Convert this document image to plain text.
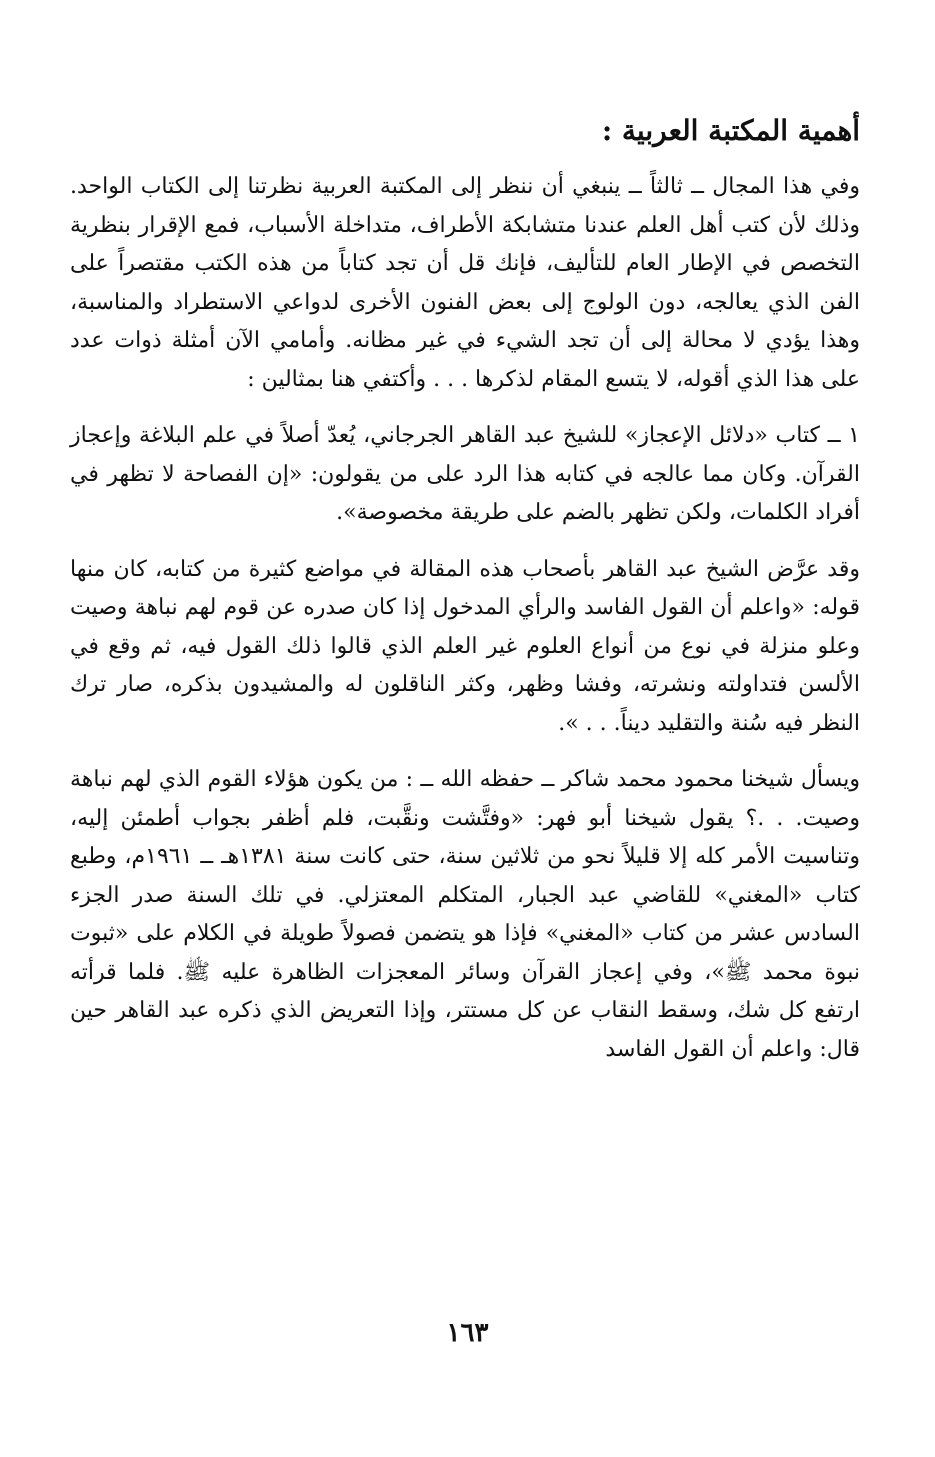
أهمية المكتبة العربية :

وفي هذا المجال ــ ثالثاً ــ ينبغي أن ننظر إلى المكتبة العربية نظرتنا إلى الكتاب الواحد. وذلك لأن كتب أهل العلم عندنا متشابكة الأطراف، متداخلة الأسباب، فمع الإقرار بنظرية التخصص في الإطار العام للتأليف، فإنك قل أن تجد كتاباً من هذه الكتب مقتصراً على الفن الذي يعالجه، دون الولوج إلى بعض الفنون الأخرى لدواعي الاستطراد والمناسبة، وهذا يؤدي لا محالة إلى أن تجد الشيء في غير مظانه. وأمامي الآن أمثلة ذوات عدد على هذا الذي أقوله، لا يتسع المقام لذكرها . . . وأكتفي هنا بمثالين :

١ ــ كتاب «دلائل الإعجاز» للشيخ عبد القاهر الجرجاني، يُعدّ أصلاً في علم البلاغة وإعجاز القرآن. وكان مما عالجه في كتابه هذا الرد على من يقولون: «إن الفصاحة لا تظهر في أفراد الكلمات، ولكن تظهر بالضم على طريقة مخصوصة».

وقد عرَّض الشيخ عبد القاهر بأصحاب هذه المقالة في مواضع كثيرة من كتابه، كان منها قوله: «واعلم أن القول الفاسد والرأي المدخول إذا كان صدره عن قوم لهم نباهة وصيت وعلو منزلة في نوع من أنواع العلوم غير العلم الذي قالوا ذلك القول فيه، ثم وقع في الألسن فتداولته ونشرته، وفشا وظهر، وكثر الناقلون له والمشيدون بذكره، صار ترك النظر فيه سُنة والتقليد ديناً. . . ».

ويسأل شيخنا محمود محمد شاكر ــ حفظه الله ــ : من يكون هؤلاء القوم الذي لهم نباهة وصيت. . .؟ يقول شيخنا أبو فهر: «وفتَّشت ونقَّبت، فلم أظفر بجواب أطمئن إليه، وتناسيت الأمر كله إلا قليلاً نحو من ثلاثين سنة، حتى كانت سنة ١٣٨١هـ ــ ١٩٦١م، وطبع كتاب «المغني» للقاضي عبد الجبار، المتكلم المعتزلي. في تلك السنة صدر الجزء السادس عشر من كتاب «المغني» فإذا هو يتضمن فصولاً طويلة في الكلام على «ثبوت نبوة محمد ﷺ»، وفي إعجاز القرآن وسائر المعجزات الظاهرة عليه ﷺ. فلما قرأته ارتفع كل شك، وسقط النقاب عن كل مستتر، وإذا التعريض الذي ذكره عبد القاهر حين قال: واعلم أن القول الفاسد

١٦٣
